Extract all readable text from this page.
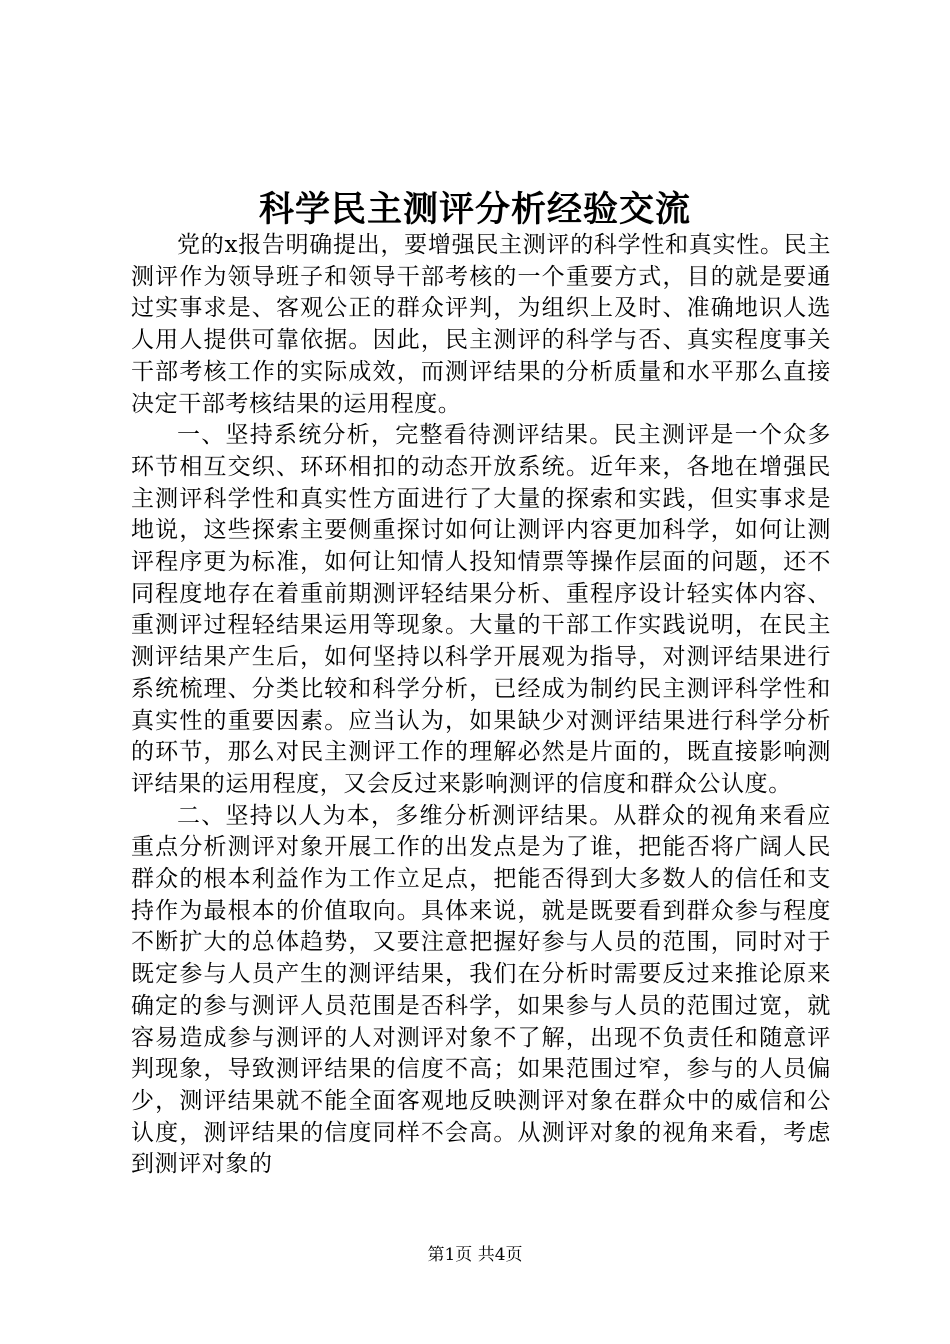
科学民主测评分析经验交流

党的x报告明确提出，要增强民主测评的科学性和真实性。民主测评作为领导班子和领导干部考核的一个重要方式，目的就是要通过实事求是、客观公正的群众评判，为组织上及时、准确地识人选人用人提供可靠依据。因此，民主测评的科学与否、真实程度事关干部考核工作的实际成效，而测评结果的分析质量和水平那么直接决定干部考核结果的运用程度。

一、坚持系统分析，完整看待测评结果。民主测评是一个众多环节相互交织、环环相扣的动态开放系统。近年来，各地在增强民主测评科学性和真实性方面进行了大量的探索和实践，但实事求是地说，这些探索主要侧重探讨如何让测评内容更加科学，如何让测评程序更为标准，如何让知情人投知情票等操作层面的问题，还不同程度地存在着重前期测评轻结果分析、重程序设计轻实体内容、重测评过程轻结果运用等现象。大量的干部工作实践说明，在民主测评结果产生后，如何坚持以科学开展观为指导，对测评结果进行系统梳理、分类比较和科学分析，已经成为制约民主测评科学性和真实性的重要因素。应当认为，如果缺少对测评结果进行科学分析的环节，那么对民主测评工作的理解必然是片面的，既直接影响测评结果的运用程度，又会反过来影响测评的信度和群众公认度。

二、坚持以人为本，多维分析测评结果。从群众的视角来看应重点分析测评对象开展工作的出发点是为了谁，把能否将广阔人民群众的根本利益作为工作立足点，把能否得到大多数人的信任和支持作为最根本的价值取向。具体来说，就是既要看到群众参与程度不断扩大的总体趋势，又要注意把握好参与人员的范围，同时对于既定参与人员产生的测评结果，我们在分析时需要反过来推论原来确定的参与测评人员范围是否科学，如果参与人员的范围过宽，就容易造成参与测评的人对测评对象不了解，出现不负责任和随意评判现象，导致测评结果的信度不高；如果范围过窄，参与的人员偏少，测评结果就不能全面客观地反映测评对象在群众中的威信和公认度，测评结果的信度同样不会高。从测评对象的视角来看，考虑到测评对象的

第1页 共4页
